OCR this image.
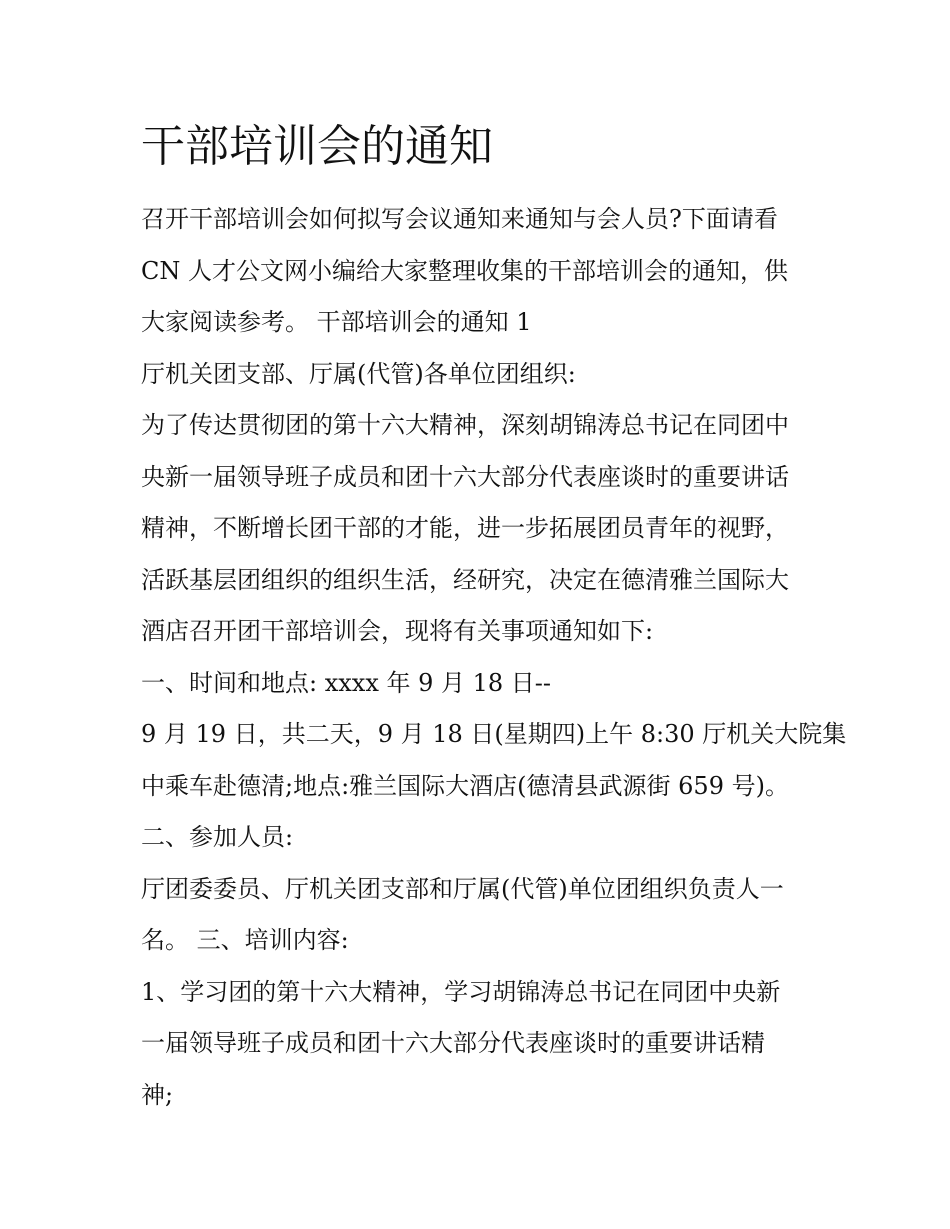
干部培训会的通知
召开干部培训会如何拟写会议通知来通知与会人员?下面请看
CN 人才公文网小编给大家整理收集的干部培训会的通知，供
大家阅读参考。 干部培训会的通知 1
厅机关团支部、厅属(代管)各单位团组织:
为了传达贯彻团的第十六大精神，深刻胡锦涛总书记在同团中
央新一届领导班子成员和团十六大部分代表座谈时的重要讲话
精神，不断增长团干部的才能，进一步拓展团员青年的视野，
活跃基层团组织的组织生活，经研究，决定在德清雅兰国际大
酒店召开团干部培训会，现将有关事项通知如下:
一、时间和地点: xxxx 年 9 月 18 日--
9 月 19 日，共二天，9 月 18 日(星期四)上午 8:30 厅机关大院集
中乘车赴德清;地点:雅兰国际大酒店(德清县武源街 659 号)。
二、参加人员:
厅团委委员、厅机关团支部和厅属(代管)单位团组织负责人一
名。 三、培训内容:
1、学习团的第十六大精神，学习胡锦涛总书记在同团中央新
一届领导班子成员和团十六大部分代表座谈时的重要讲话精
神;
